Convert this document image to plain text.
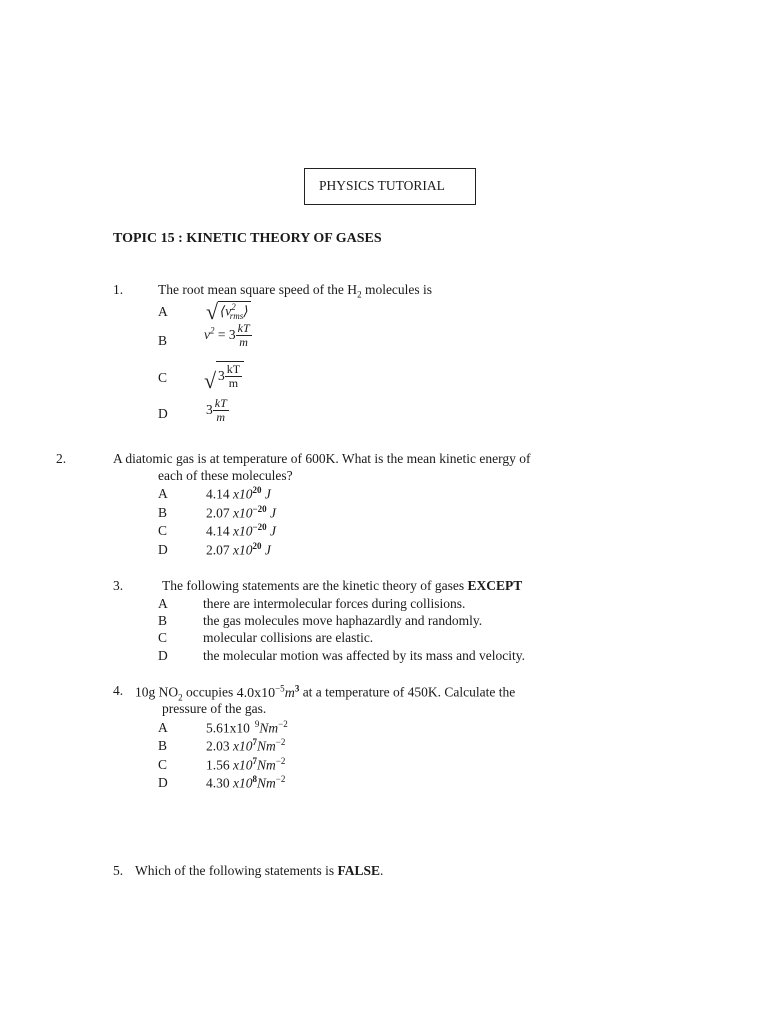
PHYSICS TUTORIAL
TOPIC 15 : KINETIC THEORY OF GASES
1.	The root mean square speed of the $H_2$ molecules is
A √ $⟨v^2_{rms}⟩$
B	$v^2 = 3 \frac{kT}{m}$
C √ $3 \frac{kT}{m}$
D	$3 \frac{kT}{m}$
2.	A diatomic gas is at temperature of 600K. What is the mean kinetic energy of
each of these molecules?
A	4.14 $x10^{20}$ J
B	2.07 $x10^{-20}$ J
C	4.14 $x10^{-20}$ J
D	2.07 $x10^{20}$ J
3.	The following statements are the kinetic theory of gases EXCEPT
A	there are intermolecular forces during collisions.
B	the gas molecules move haphazardly and randomly.
C	molecular collisions are elastic.
D	the molecular motion was affected by its mass and velocity.
4. 10g $NO_2$ occupies $4.0x10^{-5}m^3$ at a temperature of 450K. Calculate the
pressure of the gas.
A	5.61x10 $^9Nm^{-2}$
B	2.03 $x10^7Nm^{-2}$
C	1.56 $x10^7Nm^{-2}$
D	4.30 $x10^8Nm^{-2}$
5. Which of the following statements is FALSE.
